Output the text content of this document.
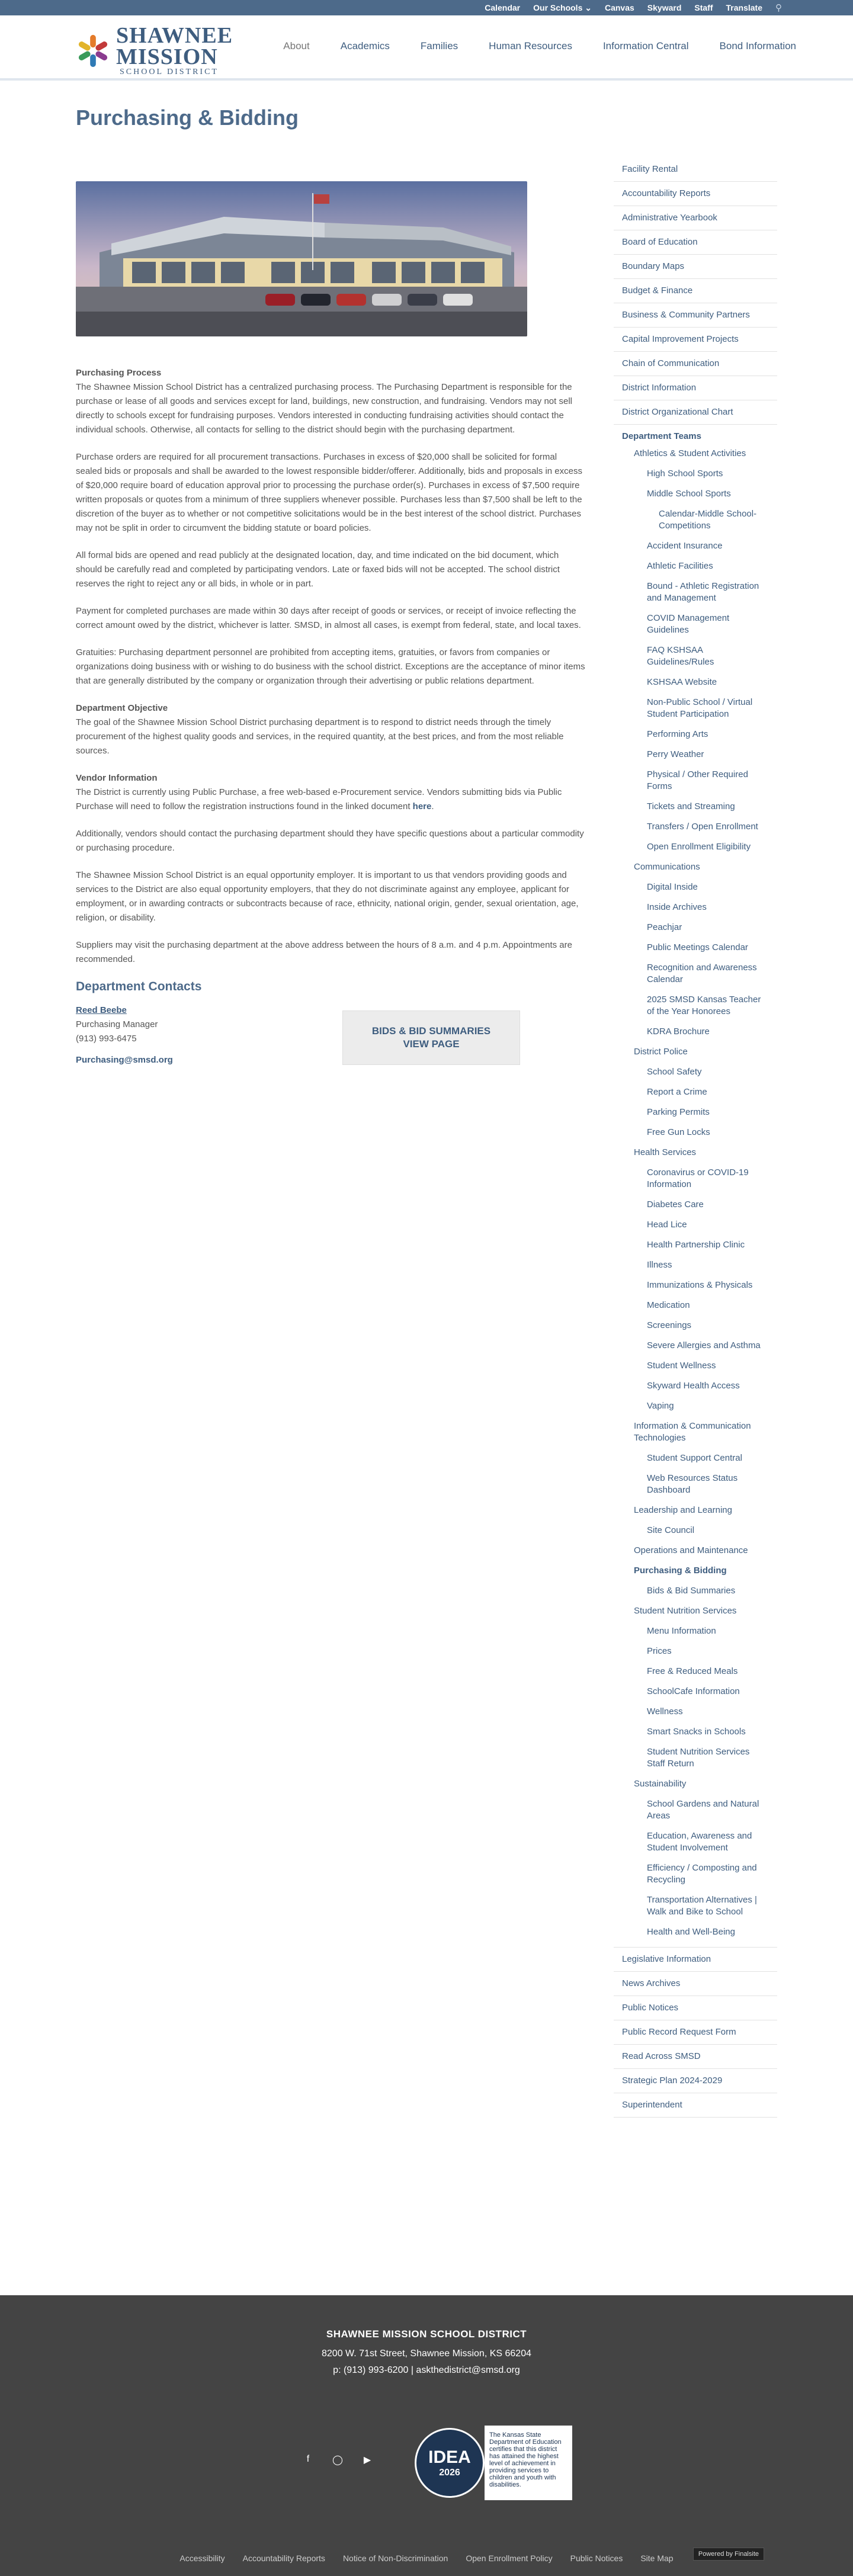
Calendar Our Schools ⌄ Canvas Skyward Staff Translate ⚲
SHAWNEE
MISSION
SCHOOL DISTRICT
About	Academics	Families	Human Resources	Information Central	Bond Information
Purchasing & Bidding

Purchasing Process
The Shawnee Mission School District has a centralized purchasing process. The Purchasing Department is responsible for the purchase or lease of all goods and services except for land, buildings, new construction, and fundraising. Vendors may not sell directly to schools except for fundraising purposes. Vendors interested in conducting fundraising activities should contact the individual schools. Otherwise, all contacts for selling to the district should begin with the purchasing department.

Purchase orders are required for all procurement transactions. Purchases in excess of $20,000 shall be solicited for formal sealed bids or proposals and shall be awarded to the lowest responsible bidder/offerer. Additionally, bids and proposals in excess of $20,000 require board of education approval prior to processing the purchase order(s). Purchases in excess of $7,500 require written proposals or quotes from a minimum of three suppliers whenever possible. Purchases less than $7,500 shall be left to the discretion of the buyer as to whether or not competitive solicitations would be in the best interest of the school district. Purchases may not be split in order to circumvent the bidding statute or board policies.

All formal bids are opened and read publicly at the designated location, day, and time indicated on the bid document, which should be carefully read and completed by participating vendors. Late or faxed bids will not be accepted. The school district reserves the right to reject any or all bids, in whole or in part.

Payment for completed purchases are made within 30 days after receipt of goods or services, or receipt of invoice reflecting the correct amount owed by the district, whichever is latter. SMSD, in almost all cases, is exempt from federal, state, and local taxes.

Gratuities: Purchasing department personnel are prohibited from accepting items, gratuities, or favors from companies or organizations doing business with or wishing to do business with the school district. Exceptions are the acceptance of minor items that are generally distributed by the company or organization through their advertising or public relations department.

Department Objective
The goal of the Shawnee Mission School District purchasing department is to respond to district needs through the timely procurement of the highest quality goods and services, in the required quantity, at the best prices, and from the most reliable sources.

Vendor Information
The District is currently using Public Purchase, a free web-based e-Procurement service. Vendors submitting bids via Public Purchase will need to follow the registration instructions found in the linked document here.

Additionally, vendors should contact the purchasing department should they have specific questions about a particular commodity or purchasing procedure.

The Shawnee Mission School District is an equal opportunity employer. It is important to us that vendors providing goods and services to the District are also equal opportunity employers, that they do not discriminate against any employee, applicant for employment, or in awarding contracts or subcontracts because of race, ethnicity, national origin, gender, sexual orientation, age, religion, or disability.

Suppliers may visit the purchasing department at the above address between the hours of 8 a.m. and 4 p.m. Appointments are recommended.

Department Contacts
Reed Beebe
Purchasing Manager
(913) 993-6475
Purchasing@smsd.org
BIDS & BID SUMMARIES
VIEW PAGE
Facility Rental
Accountability Reports
Administrative Yearbook
Board of Education
Boundary Maps
Budget & Finance
Business & Community Partners
Capital Improvement Projects
Chain of Communication
District Information
District Organizational Chart
Department Teams
Athletics & Student Activities
High School Sports
Middle School Sports
Calendar-Middle School-Competitions
Accident Insurance
Athletic Facilities
Bound - Athletic Registration and Management
COVID Management Guidelines
FAQ KSHSAA Guidelines/Rules
KSHSAA Website
Non-Public School / Virtual Student Participation
Performing Arts
Perry Weather
Physical / Other Required Forms
Tickets and Streaming
Transfers / Open Enrollment
Open Enrollment Eligibility
Communications
Digital Inside
Inside Archives
Peachjar
Public Meetings Calendar
Recognition and Awareness Calendar
2025 SMSD Kansas Teacher of the Year Honorees
KDRA Brochure
District Police
School Safety
Report a Crime
Parking Permits
Free Gun Locks
Health Services
Coronavirus or COVID-19 Information
Diabetes Care
Head Lice
Health Partnership Clinic
Illness
Immunizations & Physicals
Medication
Screenings
Severe Allergies and Asthma
Student Wellness
Skyward Health Access
Vaping
Information & Communication Technologies
Student Support Central
Web Resources Status Dashboard
Leadership and Learning
Site Council
Operations and Maintenance
Purchasing & Bidding
Bids & Bid Summaries
Student Nutrition Services
Menu Information
Prices
Free & Reduced Meals
SchoolCafe Information
Wellness
Smart Snacks in Schools
Student Nutrition Services Staff Return
Sustainability
School Gardens and Natural Areas
Education, Awareness and Student Involvement
Efficiency / Composting and Recycling
Transportation Alternatives | Walk and Bike to School
Health and Well-Being
Legislative Information
News Archives
Public Notices
Public Record Request Form
Read Across SMSD
Strategic Plan 2024-2029
Superintendent
SHAWNEE MISSION SCHOOL DISTRICT
8200 W. 71st Street, Shawnee Mission, KS 66204
p: (913) 993-6200 | askthedistrict@smsd.org
f	◯ ▶	IDEA
2026
The Kansas State Department of Education certifies that this district has attained the highest level of achievement in providing services to children and youth with disabilities.
Accessibility Accountability Reports Notice of Non-Discrimination Open Enrollment Policy Public Notices Site Map	Powered by Finalsite
